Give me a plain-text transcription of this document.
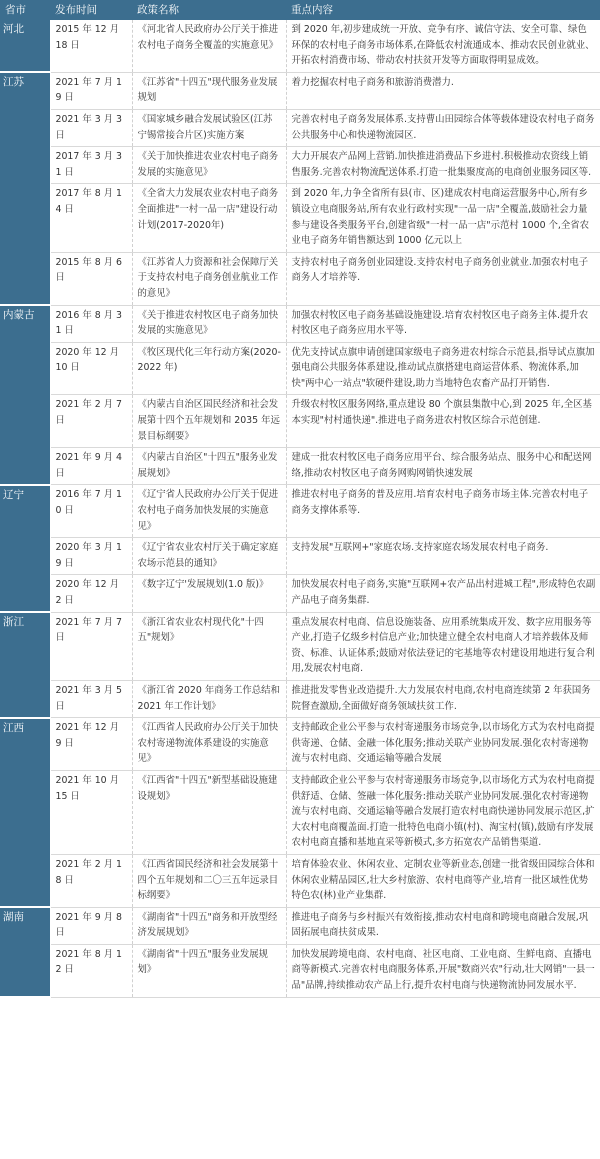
省市	发布时间	政策名称	重点内容
河北	2015 年 12 月 18 日	《河北省人民政府办公厅关于推进农村电子商务全覆盖的实施意见》	到 2020 年,初步建成统一开放、竞争有序、诚信守法、安全可靠、绿色环保的农村电子商务市场体系,在降低农村流通成本、推动农民创业就业、开拓农村消费市场、带动农村扶贫开发等方面取得明显成效。
江苏	2021 年 7 月 19 日	《江苏省"十四五"现代服务业发展规划	着力挖掘农村电子商务和旅游消费潜力.
	2021 年 3 月 3 日	《国家城乡融合发展试验区(江苏宁锡常接合片区)实施方案	完善农村电子商务发展体系.支持曹山田园综合体等载体建设农村电子商务公共服务中心和快递物流园区.
	2017 年 3 月 31 日	《关于加快推进农业农村电子商务发展的实施意见》	大力开展农产品网上营销.加快推进消费品下乡进村.积极推动农资线上销售服务.完善农村物流配送体系.打造一批集聚度高的电商创业服务园区等.
	2017 年 8 月 14 日	《全省大力发展农业农村电子商务全面推进"一村一品一店"建设行动计划(2017-2020年)	到 2020 年,力争全省所有县(市、区)建成农村电商运营服务中心,所有乡镇设立电商服务站,所有农业行政村实现"一品一店"全覆盖,鼓励社会力量参与建设各类服务平台,创建省级"一村一品一店"示范村 1000 个,全省农业电子商务年销售额达到 1000 亿元以上
	2015 年 8 月 6 日	《江苏省人力资源和社会保障厅关于支持农村电子商务创业航业工作的意见》	支持农村电子商务创业园建设.支持农村电子商务创业就业.加强农村电子商务人才培养等.
内蒙古	2016 年 8 月 31 日	《关于推进农村牧区电子商务加快发展的实施意见》	加强农村牧区电子商务基础设施建设.培育农村牧区电子商务主体.提升农村牧区电子商务应用水平等.
	2020 年 12 月 10 日	《牧区现代化三年行动方案(2020-2022 年)	优先支持试点旗申请创建国家级电子商务进农村综合示范县,指导试点旗加强电商公共服务体系建设,推动试点旗搭建电商运营体系、物流体系,加快"两中心一站点"软硬件建设,助力当地特色农畜产品打开销售.
	2021 年 2 月 7 日	《内蒙古自治区国民经济和社会发展第十四个五年规划和 2035 年远景目标纲要》	升级农村牧区服务网络,重点建设 80 个旗县集散中心,到 2025 年,全区基本实现"村村通快递".推进电子商务进农村牧区综合示范创建.
	2021 年 9 月 4 日	《内蒙古自治区"十四五"服务业发展规划》	建成一批农村牧区电子商务应用平台、综合服务站点、服务中心和配送网络,推动农村牧区电子商务网购网销快速发展
辽宁	2016 年 7 月 10 日	《辽宁省人民政府办公厅关于促进农村电子商务加快发展的实施意见》	推进农村电子商务的普及应用.培育农村电子商务市场主体.完善农村电子商务支撑体系等.
	2020 年 3 月 19 日	《辽宁省农业农村厅关于确定家庭农场示范县的通知》	支持发展"互联网+"家庭农场.支持家庭农场发展农村电子商务.
	2020 年 12 月 2 日	《数字辽宁'发展规划(1.0 版)》	加快发展农村电子商务,实施"互联网+农产品出村进城工程",形成特色农副产品电子商务集群.
浙江	2021 年 7 月 7 日	《浙江省农业农村现代化"十四五"规划》	重点发展农村电商、信息设施装备、应用系统集成开发、数字应用服务等产业,打造子亿级乡村信息产业;加快建立健全农村电商人才培养载体及师资、标准、认证体系;鼓励对依法登记的宅基地等农村建设用地进行复合利用,发展农村电商.
	2021 年 3 月 5 日	《浙江省 2020 年商务工作总结和 2021 年工作计划》	推进批发零售业改造提升.大力发展农村电商,农村电商连续第 2 年获国务院督查激励,全面做好商务领域扶贫工作.
江西	2021 年 12 月 9 日	《江西省人民政府办公厅关于加快农村寄递物流体系建设的实施意见》	支持邮政企业公平参与农村寄递服务市场竞争,以市场化方式为农村电商提供寄递、仓储、金融一体化服务;推动关联产业协同发展.强化农村寄递物流与农村电商、交通运输等融合发展
	2021 年 10 月 15 日	《江西省"十四五"新型基础设施建设规划》	支持邮政企业公平参与农村寄递服务市场竞争,以市场化方式为农村电商提供舒适、仓储、签融一体化服务:推动关联产业协同发展.强化农村寄递物流与农村电商、交通运输等融合发展打造农村电商快递协同发展示范区,扩大农村电商覆盖面.打造一批特色电商小镇(村)、淘宝村(镇),鼓励有序发展农村电商直播和基地直采等新模式,多方拓宽农产品销售渠道.
	2021 年 2 月 18 日	《江西省国民经济和社会发展第十四个五年规划和二〇三五年远录目标纲要》	培育体验农业、休闲农业、定制农业等新业态,创建一批省级田园综合体和休闲农业精品园区,壮大乡村旅游、农村电商等产业,培育一批区域性优势特色农(林)业产业集群.
湖南	2021 年 9 月 8 日	《湖南省"十四五"商务和开放型经济发展规划》	推进电子商务与乡村振兴有效衔接,推动农村电商和跨境电商融合发展,巩固拓展电商扶贫成果.
	2021 年 8 月 12 日	《湖南省"十四五"服务业发展规划》	加快发展跨境电商、农村电商、社区电商、工业电商、生鲜电商、直播电商等新模式.完善农村电商服务体系,开展"数商兴农"行动,壮大网销"一县一品"品牌,持续推动农产品上行,提升农村电商与快递物流协同发展水平.
